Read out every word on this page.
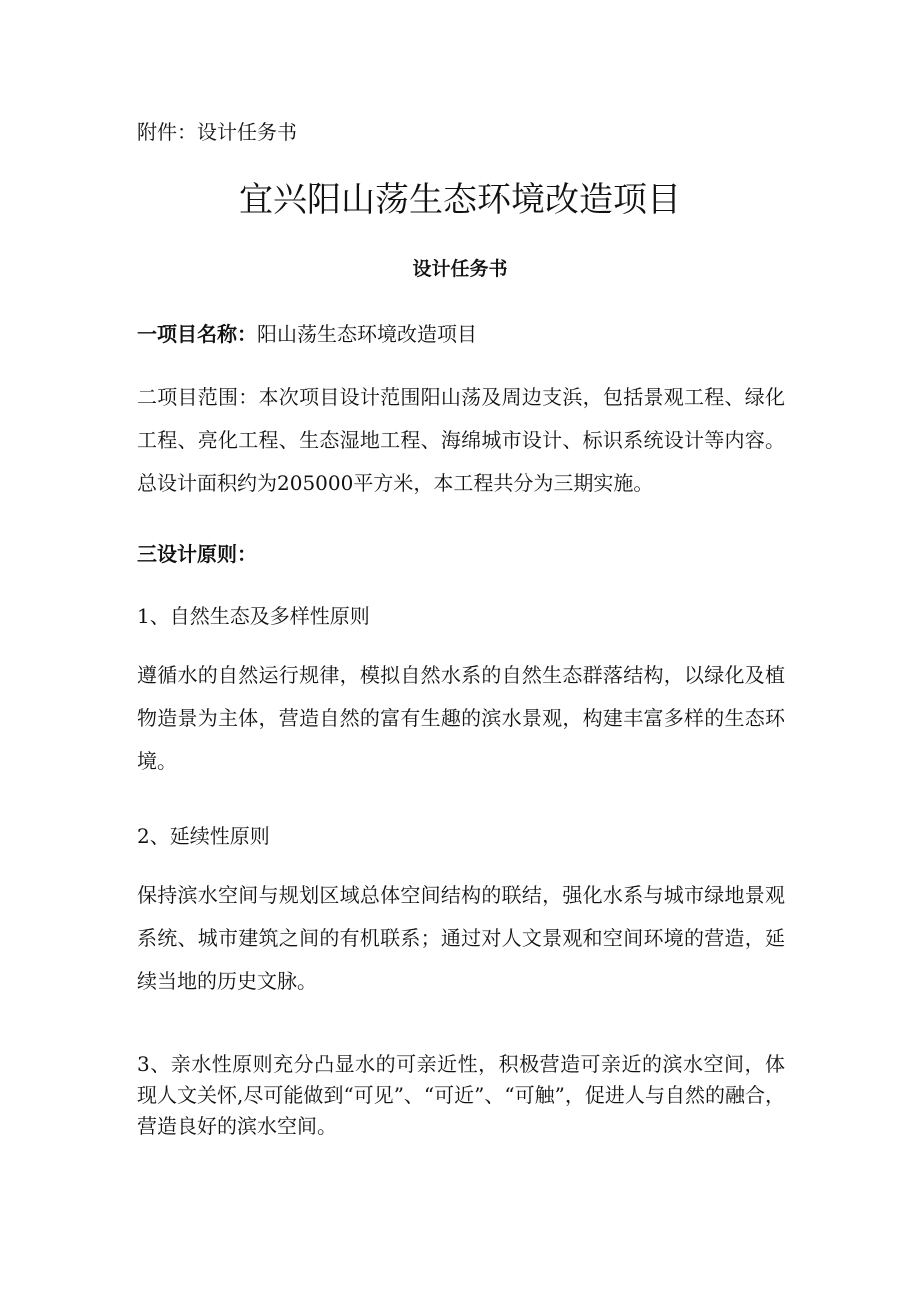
附件：设计任务书
宜兴阳山荡生态环境改造项目
设计任务书
一项目名称：阳山荡生态环境改造项目

二项目范围：本次项目设计范围阳山荡及周边支浜，包括景观工程、绿化工程、亮化工程、生态湿地工程、海绵城市设计、标识系统设计等内容。总设计面积约为205000平方米，本工程共分为三期实施。

三设计原则：
1、自然生态及多样性原则

遵循水的自然运行规律，模拟自然水系的自然生态群落结构，以绿化及植物造景为主体，营造自然的富有生趣的滨水景观，构建丰富多样的生态环境。

2、延续性原则

保持滨水空间与规划区域总体空间结构的联结，强化水系与城市绿地景观系统、城市建筑之间的有机联系；通过对人文景观和空间环境的营造，延续当地的历史文脉。

3、亲水性原则充分凸显水的可亲近性，积极营造可亲近的滨水空间，体现人文关怀,尽可能做到“可见”、“可近”、“可触”，促进人与自然的融合，营造良好的滨水空间。
